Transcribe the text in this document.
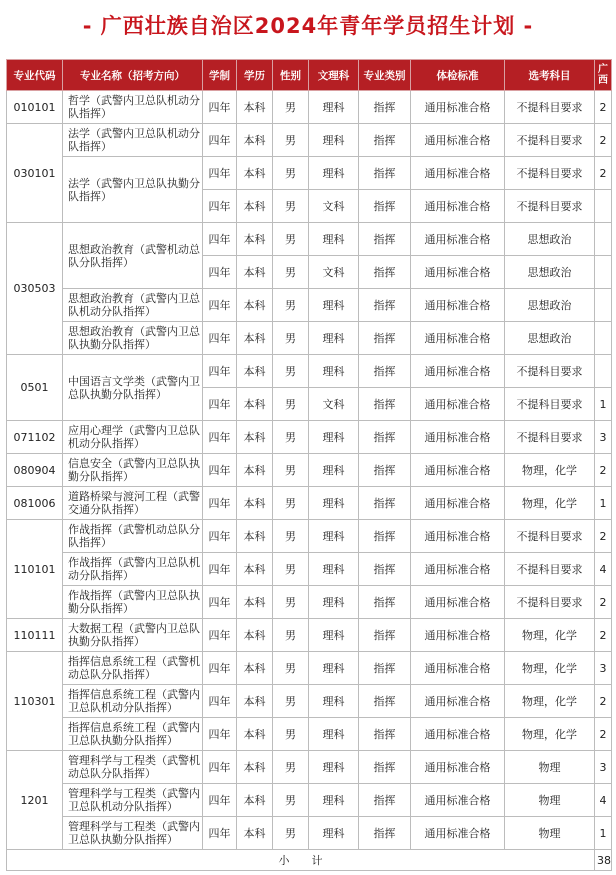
- 广西壮族自治区2024年青年学员招生计划 -
专业代码	专业名称（招考方向）	学制	学历	性别	文理科	专业类别	体检标准	选考科目	广西
010101	哲学（武警内卫总队机动分队指挥）	四年	本科	男	理科	指挥	通用标准合格	不提科目要求	2
030101	法学（武警内卫总队机动分队指挥）	四年	本科	男	理科	指挥	通用标准合格	不提科目要求	2
	法学（武警内卫总队执勤分队指挥）	四年	本科	男	理科	指挥	通用标准合格	不提科目要求	2
		四年	本科	男	文科	指挥	通用标准合格	不提科目要求	
030503	思想政治教育（武警机动总队分队指挥）	四年	本科	男	理科	指挥	通用标准合格	思想政治	
		四年	本科	男	文科	指挥	通用标准合格	思想政治	
	思想政治教育（武警内卫总队机动分队指挥）	四年	本科	男	理科	指挥	通用标准合格	思想政治	
	思想政治教育（武警内卫总队执勤分队指挥）	四年	本科	男	理科	指挥	通用标准合格	思想政治	
0501	中国语言文学类（武警内卫总队执勤分队指挥）	四年	本科	男	理科	指挥	通用标准合格	不提科目要求	
		四年	本科	男	文科	指挥	通用标准合格	不提科目要求	1
071102	应用心理学（武警内卫总队机动分队指挥）	四年	本科	男	理科	指挥	通用标准合格	不提科目要求	3
080904	信息安全（武警内卫总队执勤分队指挥）	四年	本科	男	理科	指挥	通用标准合格	物理，化学	2
081006	道路桥梁与渡河工程（武警交通分队指挥）	四年	本科	男	理科	指挥	通用标准合格	物理，化学	1
110101	作战指挥（武警机动总队分队指挥）	四年	本科	男	理科	指挥	通用标准合格	不提科目要求	2
	作战指挥（武警内卫总队机动分队指挥）	四年	本科	男	理科	指挥	通用标准合格	不提科目要求	4
	作战指挥（武警内卫总队执勤分队指挥）	四年	本科	男	理科	指挥	通用标准合格	不提科目要求	2
110111	大数据工程（武警内卫总队执勤分队指挥）	四年	本科	男	理科	指挥	通用标准合格	物理，化学	2
110301	指挥信息系统工程（武警机动总队分队指挥）	四年	本科	男	理科	指挥	通用标准合格	物理，化学	3
	指挥信息系统工程（武警内卫总队机动分队指挥）	四年	本科	男	理科	指挥	通用标准合格	物理，化学	2
	指挥信息系统工程（武警内卫总队执勤分队指挥）	四年	本科	男	理科	指挥	通用标准合格	物理，化学	2
1201	管理科学与工程类（武警机动总队分队指挥）	四年	本科	男	理科	指挥	通用标准合格	物理	3
	管理科学与工程类（武警内卫总队机动分队指挥）	四年	本科	男	理科	指挥	通用标准合格	物理	4
	管理科学与工程类（武警内卫总队执勤分队指挥）	四年	本科	男	理科	指挥	通用标准合格	物理	1
小　　计									38
